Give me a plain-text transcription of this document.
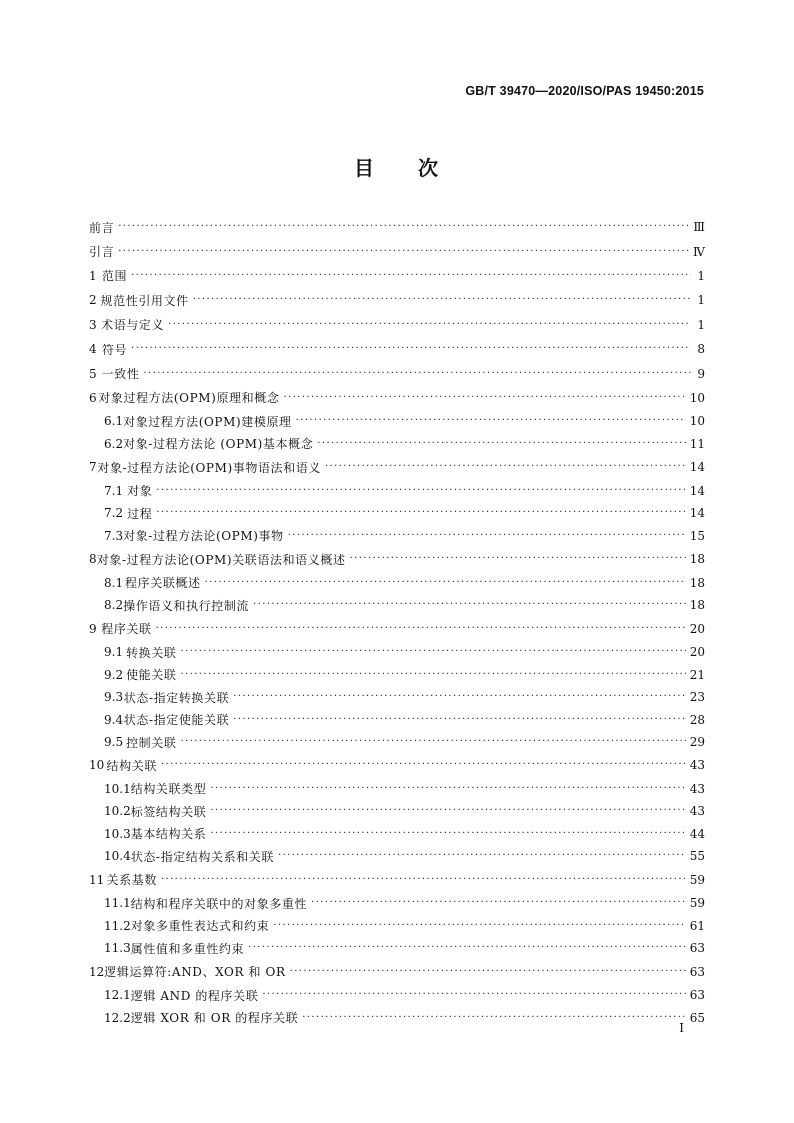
GB/T 39470—2020/ISO/PAS 19450:2015
目 次
前言 ·····	Ⅲ
引言 ·····	Ⅳ
1 范围 ·····	1
2 规范性引用文件 ·····	1
3 术语与定义 ·····	1
4 符号 ·····	8
5 一致性 ·····	9
6 对象过程方法(OPM)原理和概念 ·····	10
6.1 对象过程方法(OPM)建模原理 ·····	10
6.2 对象-过程方法论 (OPM)基本概念 ·····	11
7 对象-过程方法论(OPM)事物语法和语义 ·····	14
7.1 对象 ·····	14
7.2 过程 ·····	14
7.3 对象-过程方法论(OPM)事物 ·····	15
8 对象-过程方法论(OPM)关联语法和语义概述 ·····	18
8.1 程序关联概述 ·····	18
8.2 操作语义和执行控制流 ·····	18
9 程序关联 ·····	20
9.1 转换关联 ·····	20
9.2 使能关联 ·····	21
9.3 状态-指定转换关联 ·····	23
9.4 状态-指定使能关联 ·····	28
9.5 控制关联 ·····	29
10 结构关联 ·····	43
10.1 结构关联类型 ·····	43
10.2 标签结构关联 ·····	43
10.3 基本结构关系 ·····	44
10.4 状态-指定结构关系和关联 ·····	55
11 关系基数 ·····	59
11.1 结构和程序关联中的对象多重性 ·····	59
11.2 对象多重性表达式和约束 ·····	61
11.3 属性值和多重性约束 ·····	63
12 逻辑运算符:AND、XOR 和 OR ·····	63
12.1 逻辑 AND 的程序关联 ·····	63
12.2 逻辑 XOR 和 OR 的程序关联 ·····	65
I
